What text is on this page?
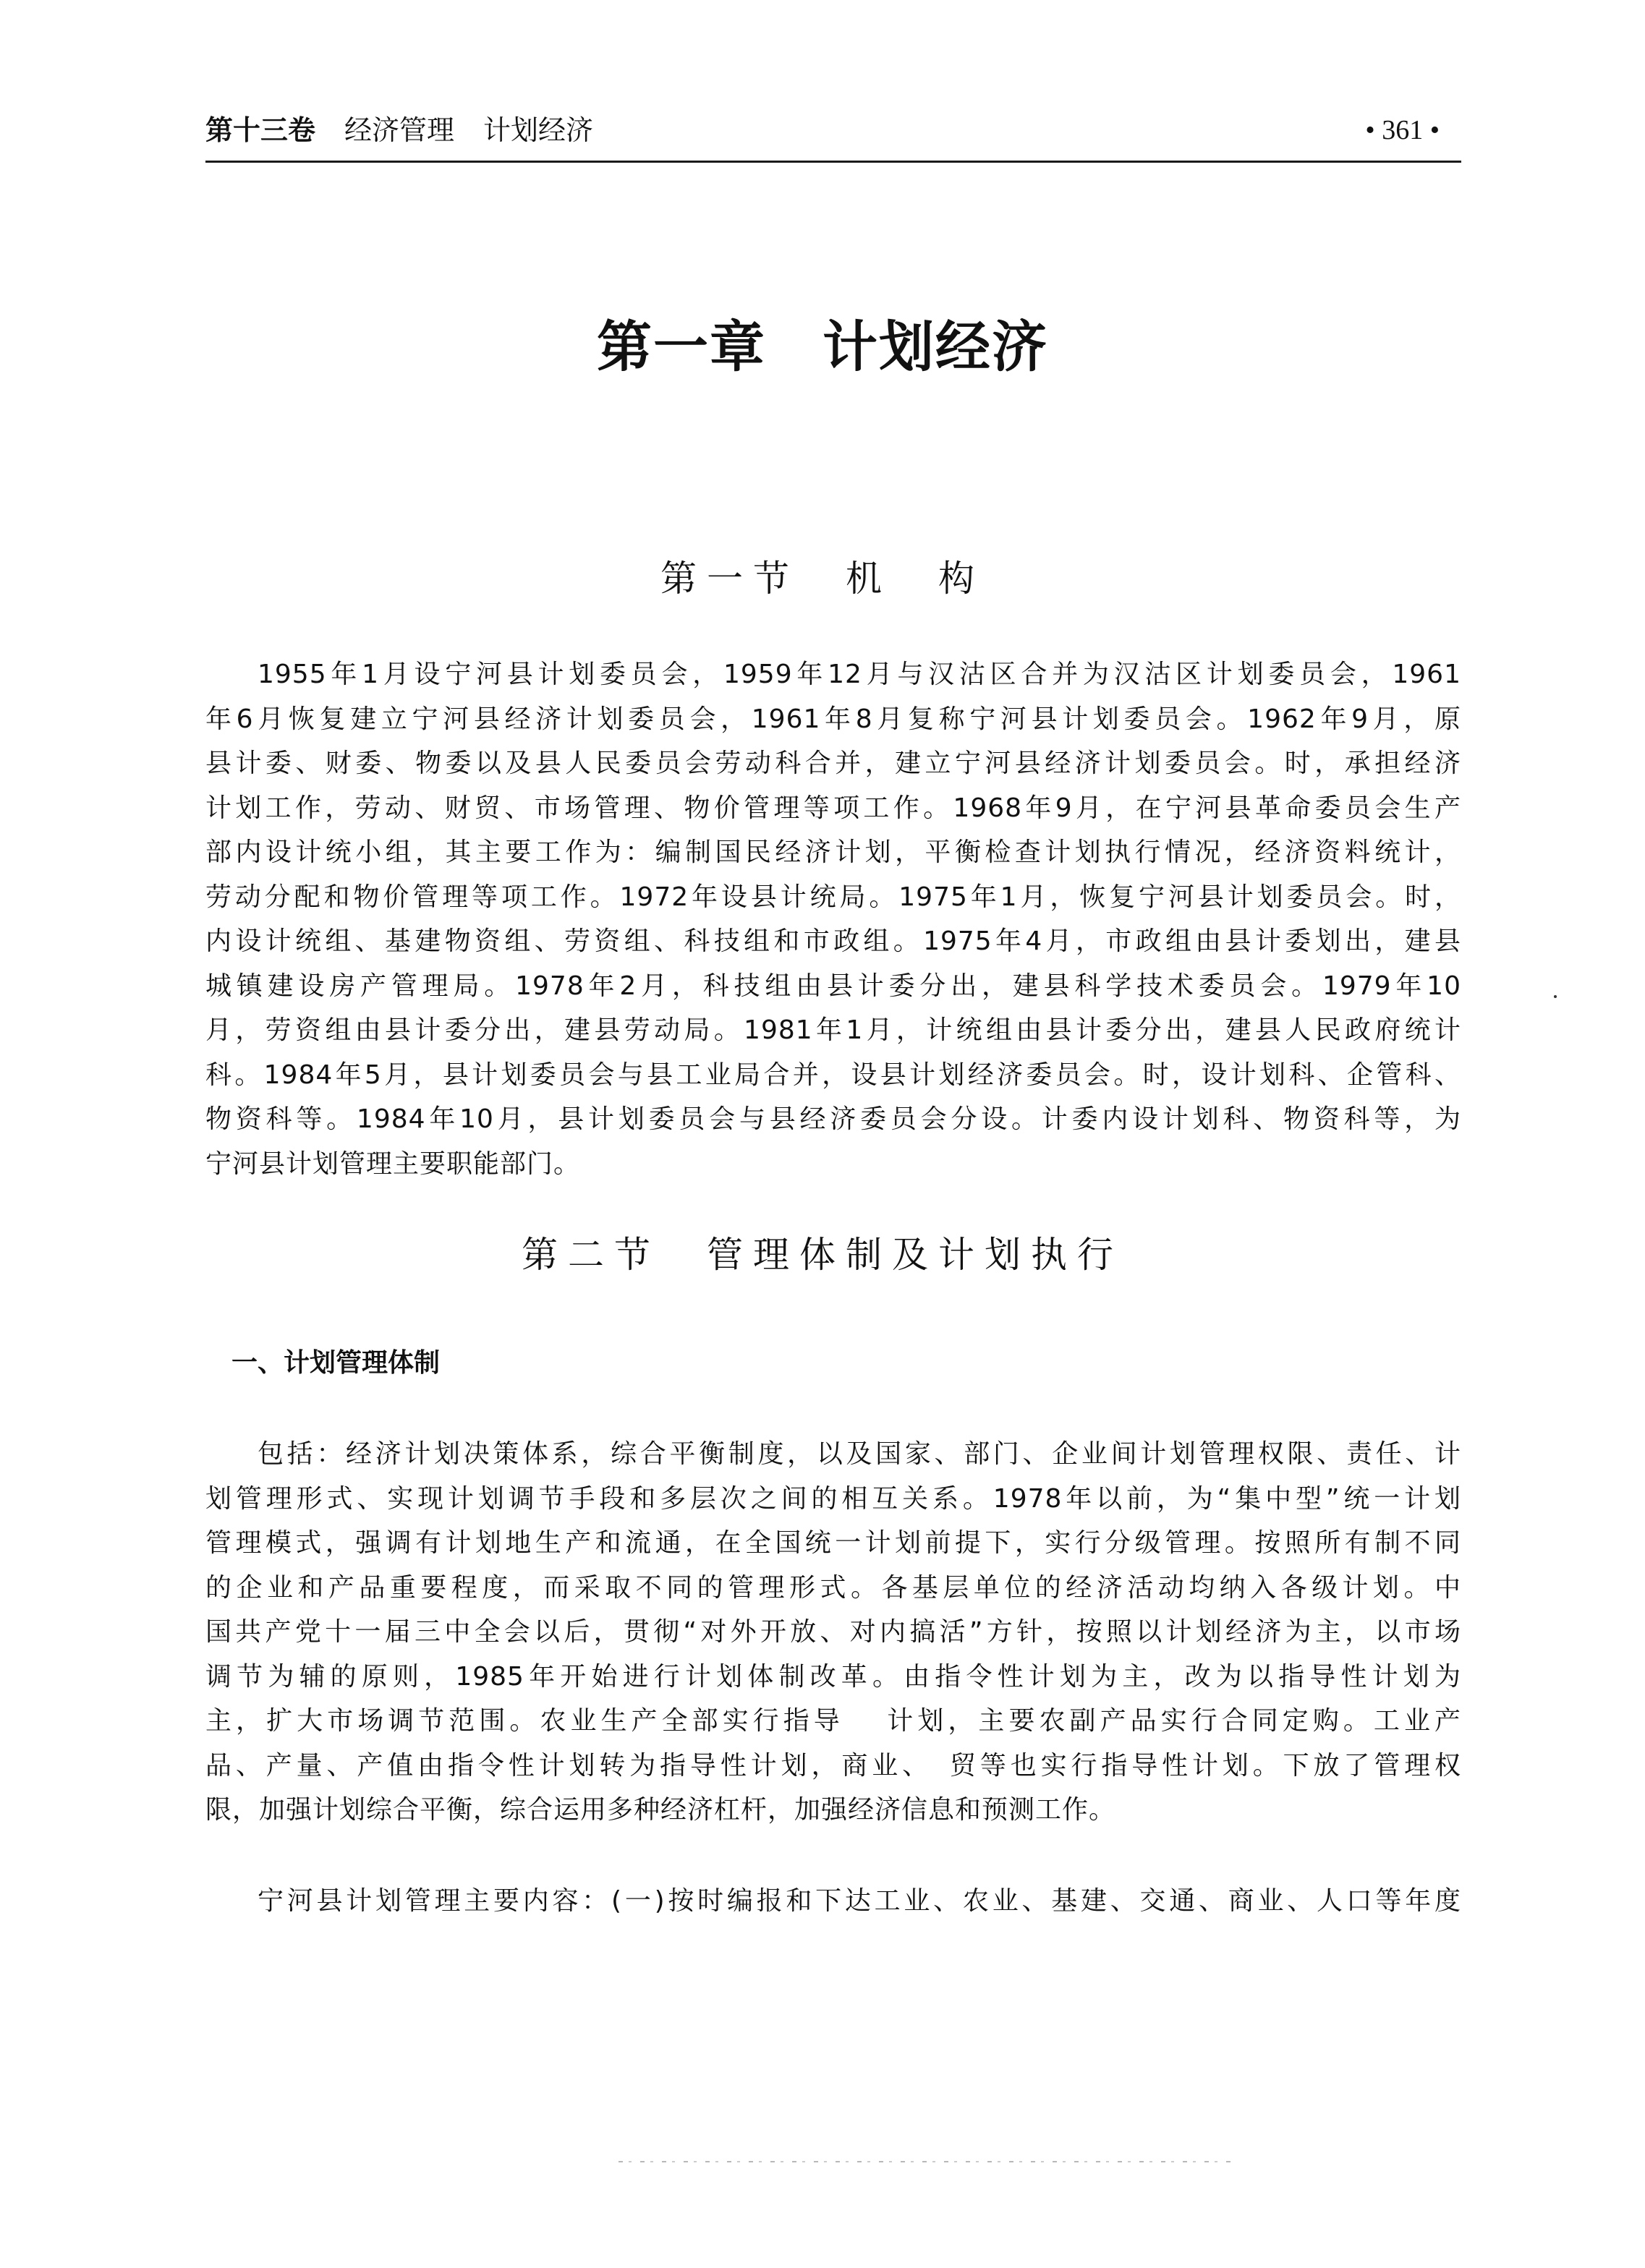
第十三卷 经济管理 计划经济	• 361 •
第一章　计划经济
第一节　机　构
1955年1月设宁河县计划委员会，1959年12月与汉沽区合并为汉沽区计划委员会，1961
年6月恢复建立宁河县经济计划委员会，1961年8月复称宁河县计划委员会。1962年9月，原
县计委、财委、物委以及县人民委员会劳动科合并，建立宁河县经济计划委员会。时，承担经济
计划工作，劳动、财贸、市场管理、物价管理等项工作。1968年9月，在宁河县革命委员会生产
部内设计统小组，其主要工作为：编制国民经济计划，平衡检查计划执行情况，经济资料统计，
劳动分配和物价管理等项工作。1972年设县计统局。1975年1月，恢复宁河县计划委员会。时，
内设计统组、基建物资组、劳资组、科技组和市政组。1975年4月，市政组由县计委划出，建县
城镇建设房产管理局。1978年2月，科技组由县计委分出，建县科学技术委员会。1979年10
月，劳资组由县计委分出，建县劳动局。1981年1月，计统组由县计委分出，建县人民政府统计
科。1984年5月，县计划委员会与县工业局合并，设县计划经济委员会。时，设计划科、企管科、
物资科等。1984年10月，县计划委员会与县经济委员会分设。计委内设计划科、物资科等，为
宁河县计划管理主要职能部门。
第二节　管理体制及计划执行
一、计划管理体制
包括：经济计划决策体系，综合平衡制度，以及国家、部门、企业间计划管理权限、责任、计
划管理形式、实现计划调节手段和多层次之间的相互关系。1978年以前，为“集中型”统一计划
管理模式，强调有计划地生产和流通，在全国统一计划前提下，实行分级管理。按照所有制不同
的企业和产品重要程度，而采取不同的管理形式。各基层单位的经济活动均纳入各级计划。中
国共产党十一届三中全会以后，贯彻“对外开放、对内搞活”方针，按照以计划经济为主，以市场
调节为辅的原则，1985年开始进行计划体制改革。由指令性计划为主，改为以指导性计划为
主，扩大市场调节范围。农业生产全部实行指导　 计划，主要农副产品实行合同定购。工业产
品、产量、产值由指令性计划转为指导性计划，商业、　贸等也实行指导性计划。下放了管理权
限，加强计划综合平衡，综合运用多种经济杠杆，加强经济信息和预测工作。
宁河县计划管理主要内容：(一)按时编报和下达工业、农业、基建、交通、商业、人口等年度
